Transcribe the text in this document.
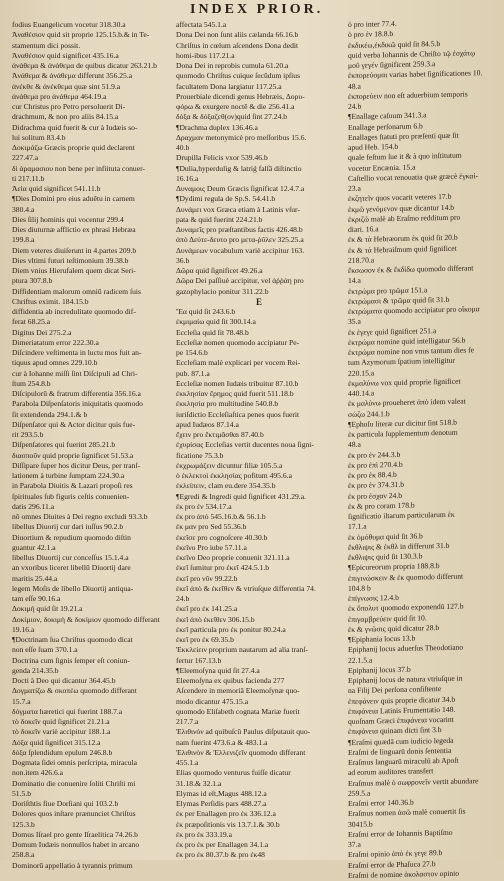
INDEX PRIOR.
fodius Euangelicum vocetur 318.30.a
Ἀναθέσιον quid sit proprie 125.15.b.& in Te-
stamentum dici possit.
Ἀναθέσιον quid significet 435.16.a
ἀνάθεμα & ἀνάθεμα de quibus dicatur 263.21.b
Ἀνάθεμα & ἀνάθεμα differunt 356.25.a
ἀνέκθε & ἀνέκθεμα quæ sint 51.9.a
ἀνάθεμα pro ἀνάθεμα 464.19.a
cur Christus pro Petro persoluerit Di-
drachmum, & non pro aliis 84.15.a
Didrachma quid fuerit & cur à Iudæis so-
lui solitum 83.4.b
Δοκιμάζω Græcis proprie quid declarent
227.47.a
δὶ ἀραμασιου non bene per infiituta conuer-
ti 217.11.b
Ἀεὶα quid significet 541.11.b
¶Dies Domini pro eius aduētu in carnem
380.4.a
Dies ſilij hominis qui vocentur 299.4
Dies diuturnæ afflictio ex phrasi Hebræa
199.8.a
Diem veteres diuiſerunt in 4.partes 209.b
Dies vltimi futuri teſtimonium 39.38.b
Diem vnius Hierufalem quem dicat Seri-
ptura 307.8.b
Diffidentiam malorum omniū radicem ſuis
Chriftus eximit. 184.15.b
diffidentia ab incredulitate quomodo dif-
ferat 68.25.a
Digitus Dei 275.2.a
Dimeriatatum error 222.30.a
Diſcindere veſtimenta in luctu mos fuit an-
tiquus apud omnes 229.10.b
cur à Iohanne miſſi ſint Diſcipuli ad Chri-
ſtum 254.8.b
Diſcipulorū & fratrum differentia 356.16.a
Parabola Diſpenſatoris iniquitatis quomodo
ſit extendenda 294.1.& b
Diſpenſator qui & Actor dicitur quis fue-
rit 293.5.b
Diſpenſatores qui fuerint 285.21.b
διασποῦν quid proprie ſignificet 51.53.a
Diſſipare ſuper hos dicitur Deus, per tranſ-
lationem à turbine ſumptam 224.30.a
in Parabola Diuitis & Lazari propoſi res
ſpirituales ſub figuris ceſtis conuenien-
datis 296.11.a
nō omnes Diuites à Dei regno excludi 93.3.b
libellus Diuorij cur dari iuſſus 90.2.b
Diuortium & repudium quomodo diſtin
guantur 42.1.a
libellus Diuortij cur conceſſus 15.1.4.a
an vxoribus liceret libellū Diuortij dare
maritis 25.44.a
legem Moſis de libello Diuortij antiqua-
tam eſſe 90.16.a
Δοκιμή quid ſit 19.21.a
Δοκίμιον, δοκιμὴ & δοκίμιον quomodo differant
19.16.a
¶Doctrinam ſua Chriſtus quomodo dicat
non eſſe ſuam 370.1.a
Doctrina cum ſignis ſemper eſt coniun-
genda 214.35.b
Docti à Deo qui dicantur 364.45.b
Δογματίζω & σκοπέω quomodo differant
15.7.a
δόγματα hæretici qui fuerint 188.7.a
τὸ δοκεῖν quid ſignificet 21.21.a
τὸ δοκεῖν variè accipitur 188.1.a
Δόξα quid ſignificet 315.12.a
δόξα ſplendidum epulum 246.8.b
Dogmata ſidei omnis perſcripta, miracula
non.item 426.6.a
Dominatio die conuenire ſoliti Chriſti mi
51.5.b
Doriſthtis fiue Dorſiani qui 103.2.b
Dolores quos inſtare prænunciet Chriſtus
125.3.b
Domus Iſrael pro gente Iſraelitica 74.26.b
Domum Iudæis nonnullos habet in arcano
258.8.a
Dominorū appellatio à tyrannis primum
affectata 545.1.a
Dona Dei non ſunt aliis cælanda 66.16.b
Chriſtus in cœlum aſcendens Dona dedit
homi-ibus 117.21.a
Dona Dei in reprobis cumula 61.20.a
quomodo Chriſtus cuique ſecūdum ipſius
facultatem Dona largiatur 117.25.a
Prouerbiale dicendi genus Hebræis, Δορυ-
φόρω & exurgere noctē & die 256.41.a
δόξα & δόξαζεθ(ον)quid ſint 27.24.b
¶Drachma duplex 136.46.a
Δραχμαν metonymicè pro meſſoribus 15.6.
40.b
Drupilla Felicis vxor 539.46.b
¶Dulia,hyperdulig & latriǵ falſā diſtinctio
16.16.a
Δυναμοις Deum Græcis ſignificat 12.4.7.a
¶Dydimi regula de Sp.S. 54.41.b
Δυνάμει vox Græca etiam à Latinis vſur-
pata & quid fuerint 224.21.b
Δυναμεῖς pro præſtantibus factis 426.48.b
ἀπὸ Δεύτε-δευτο pro μετα-ῥῦλεν 325.25.a
Δυνάμεων vocabulum variè accipitur 163.
36.b
Δῶρα quid ſignificet 49.26.a
Δῶρα Dei paſſiuè accipitur, vel ἀῤῥάη pro
gazophylacio ponitur 311.22.b
E
Ἔα quid ſit 243.6.b
ἐκμιμαίω quid ſit 300.14.a
Eccleſia quid ſit 78.48.b
Eccleſiæ nomen quomodo accipiatur Pe-
pe 154.6.b
Eccleſiam malè explicari per vocem Rei-
pub. 87.1.a
Eccleſiæ nomen Iudæis tribuitur 87.10.b
ἐκκλησίαν ἔρημος quid fuerit 511.18.b
ἐκκλησία pro multitudine 540.8.b
iuriſdictio Eccleſiaſtica penes quos fuerit
apud Iudæos 87.14.a
ἔχειν pro ἔκτιμᾶσθαι 87.40.b
ἐχυρίσας Eccleſias vertit ducentes noua ſigni-
ficatione 75.3.b
ἐκχρωμάζειν dicuntur filiæ 105.5.a
ὁ ἐκλεκτοὶ ἐκκλησίας pofitum 495.6.a
ἐκλείπειν, clam eu.dere 354.35.b
¶Egredi & Ingredi quid ſignificet 431.29.a.
ἐκ pro ἐν 534.17.a
ἐκ pro ἀπό 545.16.b.& 56.1.b
ἐκ μαν pro Sed 55.36.b
ἐκεῖσε pro cognoſcere 40.30.b
ἐκεῖνο Pro iube 57.11.a
ἐκεῖνο Deo proprie conuenit 321.11.a
ἐκεῖ ſumitur pro ἐκεῖ 424.5.1.b
ἐκεῖ pro νῦν 99.22.b
ἐκεῖ ἀπὸ & ἐκεῖθεν & vtriuſque differentia 74.
24.b
ἐκεῖ pro ἐκ 141.25.a
ἐκεῖ ἀπὸ ἐκεῖθεν 306.15.b
ἐκεῖ particula pro ἐκ ponitur 80.24.a
ἐκεῖ pro ἐκ 69.35.b
Ἐκκλείειν proprium nautarum ad alia tranſ-
fertur 167.13.b
¶Eleemoſyna quid ſit 27.4.a
Eleemoſyna ex quibus facienda 277
Aſcendere in memoriā Eleemoſynæ quo-
modo dicantur 475.15.a
quomodo Eliſabeth cognata Mariæ fuerit
217.7.a
Ἐλιθινόν ad quibuſcū Paulus diſputauit quo-
nam fuerint 473.6.a & 483.1.a
Ἐλιθινὸν & Ἐλλενιζεῖν quomodo differant
455.1.a
Elias quomodo venturus fuiſſe dicatur
31.18.& 32.1.a
Elymas id eſt,Magus 488.12.a
Elymas Perſidis pars 488.27.a
ἐκ per Enallagen pro ἐκ 336.12.a
ἐκ præpoſitionis vis 13.7.1.& 30.b
ἐκ pro ἐκ 333.19.a
ἐκ pro ἐκ per Enallagen 34.1.a
ἐκ pro ἐκ 80.37.b & pro ἐκ48
ὁ pro inter 77.4.
ὁ pro ἐν 18.8.b
ἐκδικέω,ἐκδικῶ quid ſit 84.5.b
quid verba Iohannis de Chriſto τῷ ἐσχάτῳ
μοῦ γεγέν ſignificent 259.3.a
ἐκπορεύομαι varias habet ſignificationes 10.
48.a
ἐκπορεύειν non eſt aduerbium temporis
24.b
¶Enallage caſuum 341.3.a
Enallage perſonarum 6.b
Enallages ſtatuti pro præſenti quæ ſit
apud Heb. 154.b
quale feſtum ſue it & à quo inſtitutum
vocetur Encænia. 15.a
Caſtellio vocat renouatia quæ græcè ἐγκαί-
23.a
ἐκζητεῖν quos vocarit veteres 17.b
ἐκμῶ γενόμενον quæ dicantur 14.b
ἐκριζῶ malè ab Eraſmo redditum pro
diari. 16.a
ἐκ & τὰ Hebræorum ἐκ quid ſit 20.b
ἐκ & τὰ Hebraiſmum quid ſignificet
218.70.a
ἔκσωσον ἐκ & ἔκδίδω quomodo differant
14.a
ἐκτρώμα pro τρῶμα 151.a
ἐκτρώμασι & τρῶμα quid ſit 31.b
ἐκτρώματα quomodo accipiatur pro οἴκομα
35.a
ἐκ ἐγεγε quid ſignificet 251.a
ἐκτρώμα nomine quid intelligatur 56.b
ἐκτρώμα nomine non vnus tantum dies fe
tum Azymorum ſpatium intelligitur
220.15.a
ἐκμαλύνω vox quid proprie ſignificet
440.14.a
ἐκ μαλύνω proueheret ἀπὸ idem valeat
σώζω 244.1.b
¶Ephoſu literæ cur dicitur ſint 518.b
ἐκ particula ſupplementum denotum
48.a
ἐκ pro ἐν 244.3.b
ἐκ pro ἐπὶ 270.4.b
ἐκ pro ἐκ 88.4.b
ἐκ pro ἐν 374.31.b
ἐκ pro ἐσχαν 24.b
ἐκ & pro coram 178.b
ſignificatio iltarum particularum ἐκ
17.1.a
ἐκ ὁμόθυμα quid ſit 36.b
ἔκθλιψις & ἐκθλ in differunt 31.b
ἔκθλιψις quid ſit 130.3.b
¶Epicureorum propria 188.8.b
ἐπιγινώσκειν & ἐκ quomodo differunt
104.8 b
ἐπίγνωσις 12.4.b
ἐκ ὅπολυτ quomodo exponendū 127.b
ἐπιγαμβρεύειν quid ſit 10.
ἐκ & γνῶσις quid dicatur 28.b
¶Epiphania locus 13.b
Epiphanij locus aduerſus Theodotiano
22.1.5.a
Epiphanij locus 37.b
Epiphanij locus de natura vtriuſque in
na Filij Dei perſona conſiſtente
ἐπεφάνειν quis proprie dicatur 34.b
ἐπιφάνεια Latinis Frumentatio 148.
quoſnam Græci ἐπιφάνεια vocarint
ἐπιφάνεια quinam dicti ſint 3.b
¶Eraſmi quædā cum iudicio legeda
Eraſmi de linguarū donis ſententia
Eraſmus languarū miraculū ab Apoſt
ad eorum auditores transfert
Eraſmus malè ὁ σωφρονεῖν vertit abundare
259.5.a
Eraſmi error 140.36.b
Eraſmus nomen ἀσῶ malè conuertit ſis
30415.b
Eraſmi error de Iohannis Baptiſmo
37.a
Eraſmi opinio ἀπὸ ἐκ γεγε 89.b
Eraſmi error de Phaſuca 27.b
Eraſmi de nomine ἀκολαστον opinio
